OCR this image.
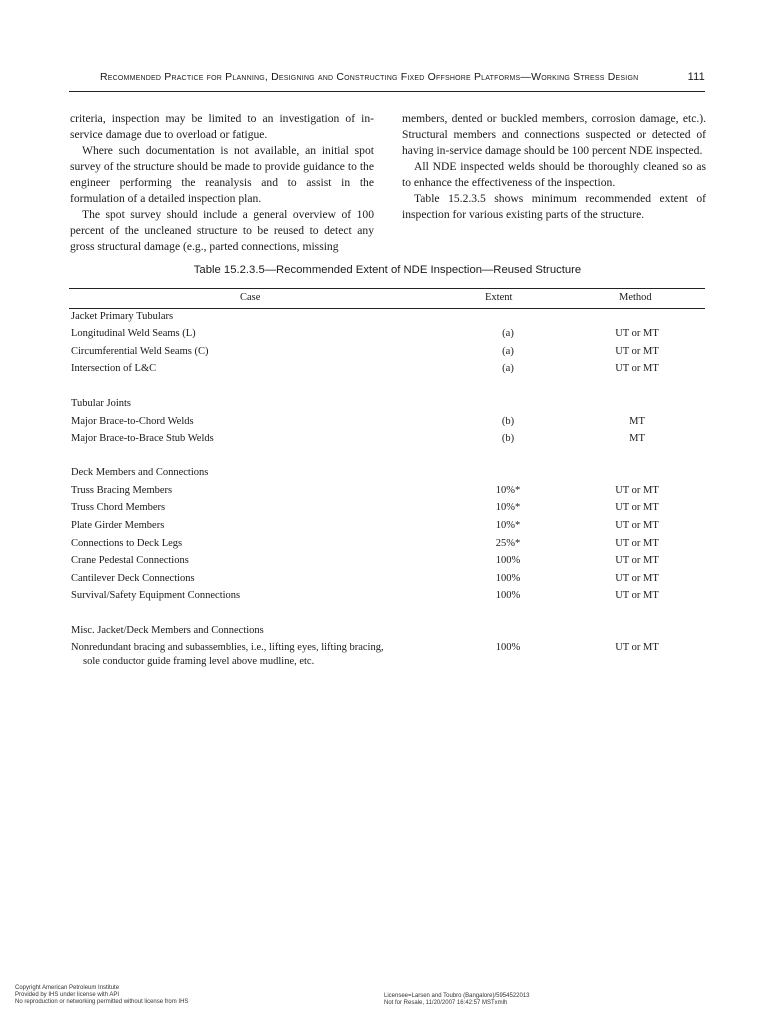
Recommended Practice for Planning, Designing and Constructing Fixed Offshore Platforms—Working Stress Design	111

criteria, inspection may be limited to an investigation of in-service damage due to overload or fatigue.

Where such documentation is not available, an initial spot survey of the structure should be made to provide guidance to the engineer performing the reanalysis and to assist in the formulation of a detailed inspection plan.

The spot survey should include a general overview of 100 percent of the uncleaned structure to be reused to detect any gross structural damage (e.g., parted connections, missing

members, dented or buckled members, corrosion damage, etc.). Structural members and connections suspected or detected of having in-service damage should be 100 percent NDE inspected.

All NDE inspected welds should be thoroughly cleaned so as to enhance the effectiveness of the inspection.

Table 15.2.3.5 shows minimum recommended extent of inspection for various existing parts of the structure.

Table 15.2.3.5—Recommended Extent of NDE Inspection—Reused Structure
Case	Extent	Method
Jacket Primary Tubulars
Longitudinal Weld Seams (L)	(a)	UT or MT
Circumferential Weld Seams (C)	(a)	UT or MT
Intersection of L&C	(a)	UT or MT
Tubular Joints
Major Brace-to-Chord Welds	(b)	MT
Major Brace-to-Brace Stub Welds	(b)	MT
Deck Members and Connections
Truss Bracing Members	10%*	UT or MT
Truss Chord Members	10%*	UT or MT
Plate Girder Members	10%*	UT or MT
Connections to Deck Legs	25%*	UT or MT
Crane Pedestal Connections	100%	UT or MT
Cantilever Deck Connections	100%	UT or MT
Survival/Safety Equipment Connections	100%	UT or MT
Misc. Jacket/Deck Members and Connections
Nonredundant bracing and subassemblies, i.e., lifting eyes, lifting bracing,
sole conductor guide framing level above mudline, etc.
100%	UT or MT
Copyright American Petroleum Institute
Provided by IHS under license with API
No reproduction or networking permitted without license from IHS
Licensee=Larsen and Toubro (Bangalore)/5954522013
Not for Resale, 11/20/2007 16:42:57 MSTxmlh
